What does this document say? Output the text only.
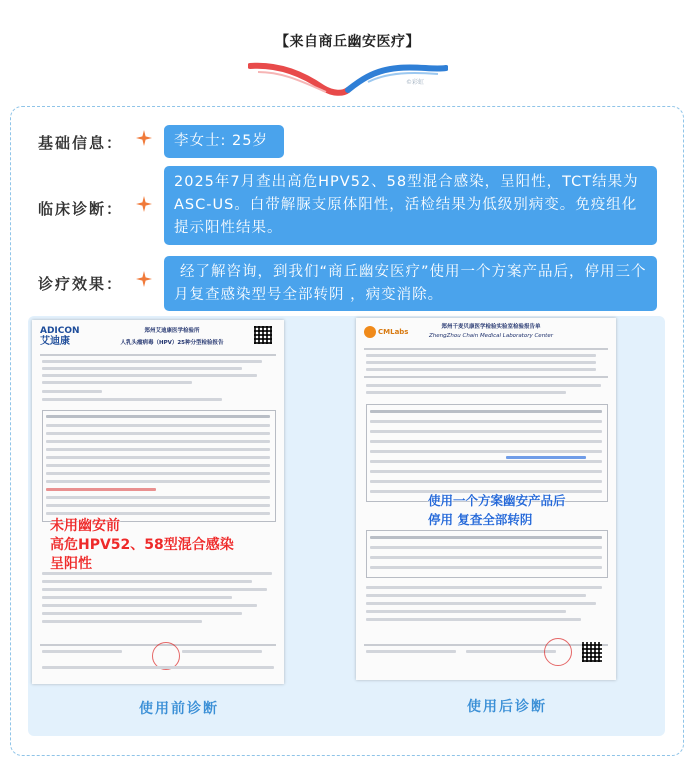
【来自商丘幽安医疗】
©彩虹
基础信息：	李女士: 25岁
临床诊断：
2025年7月查出高危HPV52、58型混合感染，呈阳性，TCT结果为ASC-US。白带解脲支原体阳性，活检结果为低级别病变。免疫组化提示阳性结果。
诊疗效果：
经了解咨询，到我们“商丘幽安医疗”使用一个方案产品后，停用三个月复查感染型号全部转阴 ，病变消除。
ADICON
艾迪康
郑州艾迪康医学检验所
人乳头瘤病毒（HPV）25种分型检验报告
未用幽安前
高危HPV52、58型混合感染
呈阳性
CMLabs
郑州千麦贝康医学检验实验室检验报告单
ZhengZhou Chain Medical Laboratory Center
使用一个方案幽安产品后
停用 复查全部转阴
使用前诊断	使用后诊断
